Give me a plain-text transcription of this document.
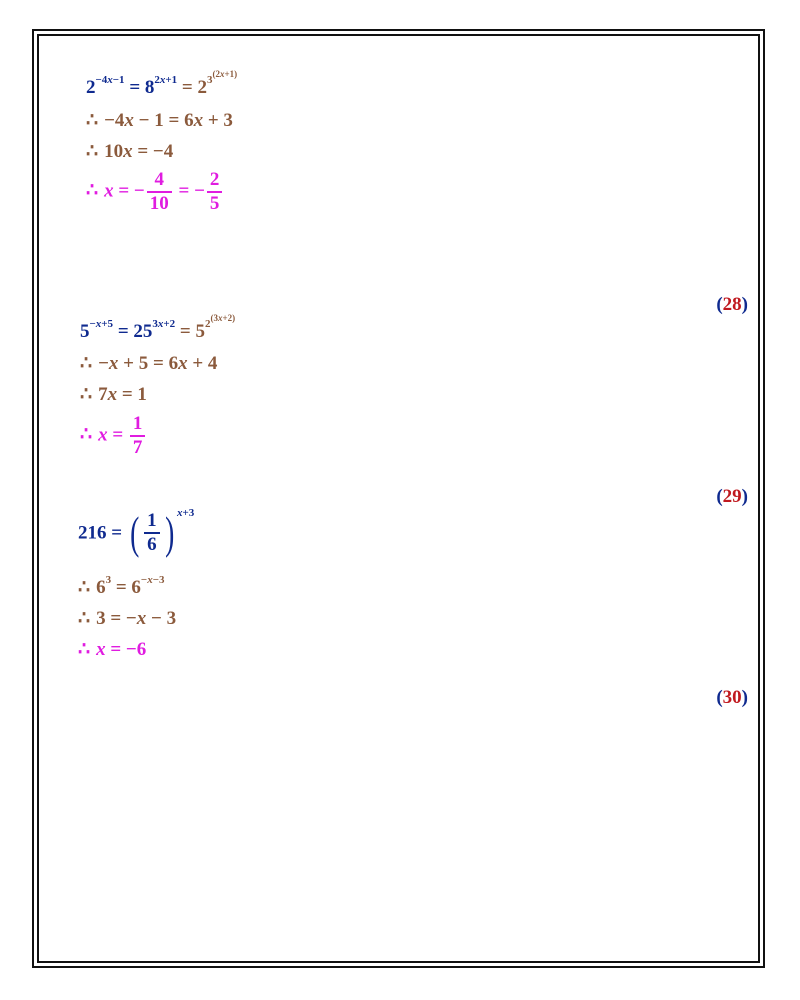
$2^{-4x-1} = 8^{2x+1} = 2^{3^{(2x+1)}}$
∴ −4x − 1 = 6x + 3
∴ 10x = −4
∴ x = − $\frac{4}{10}$ = − $\frac{2}{5}$
(28)
$5^{-x+5} = 25^{3x+2} = 5^{2^{(3x+2)}}$
∴ −x + 5 = 6x + 4
∴ 7x = 1
∴ $x = \frac{1}{7}$
(29)
216 = ( $\frac{1}{6}$ ) $^{x+3}$
∴ $6^3 = 6^{-x-3}$
∴ 3 = −x − 3
∴ x = −6
(30)
